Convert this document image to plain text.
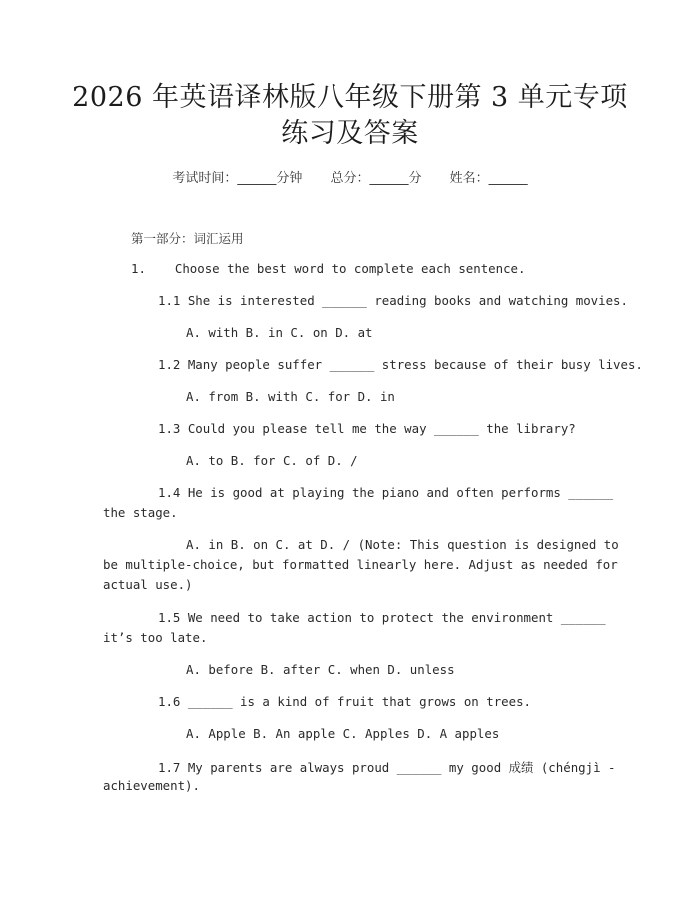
2026 年英语译林版八年级下册第 3 单元专项
练习及答案
考试时间：______分钟 总分：______分 姓名：______
第一部分：词汇运用
1. Choose the best word to complete each sentence.
1.1 She is interested ______ reading books and watching movies.
A. with B. in C. on D. at
1.2 Many people suffer ______ stress because of their busy lives.
A. from B. with C. for D. in
1.3 Could you please tell me the way ______ the library?
A. to B. for C. of D. /
1.4 He is good at playing the piano and often performs ______
the stage.
A. in B. on C. at D. / (Note: This question is designed to
be multiple-choice, but formatted linearly here. Adjust as needed for
actual use.)
1.5 We need to take action to protect the environment ______
it’s too late.
A. before B. after C. when D. unless
1.6 ______ is a kind of fruit that grows on trees.
A. Apple B. An apple C. Apples D. A apples
1.7 My parents are always proud ______ my good 成绩 (chéngjì -
achievement).
